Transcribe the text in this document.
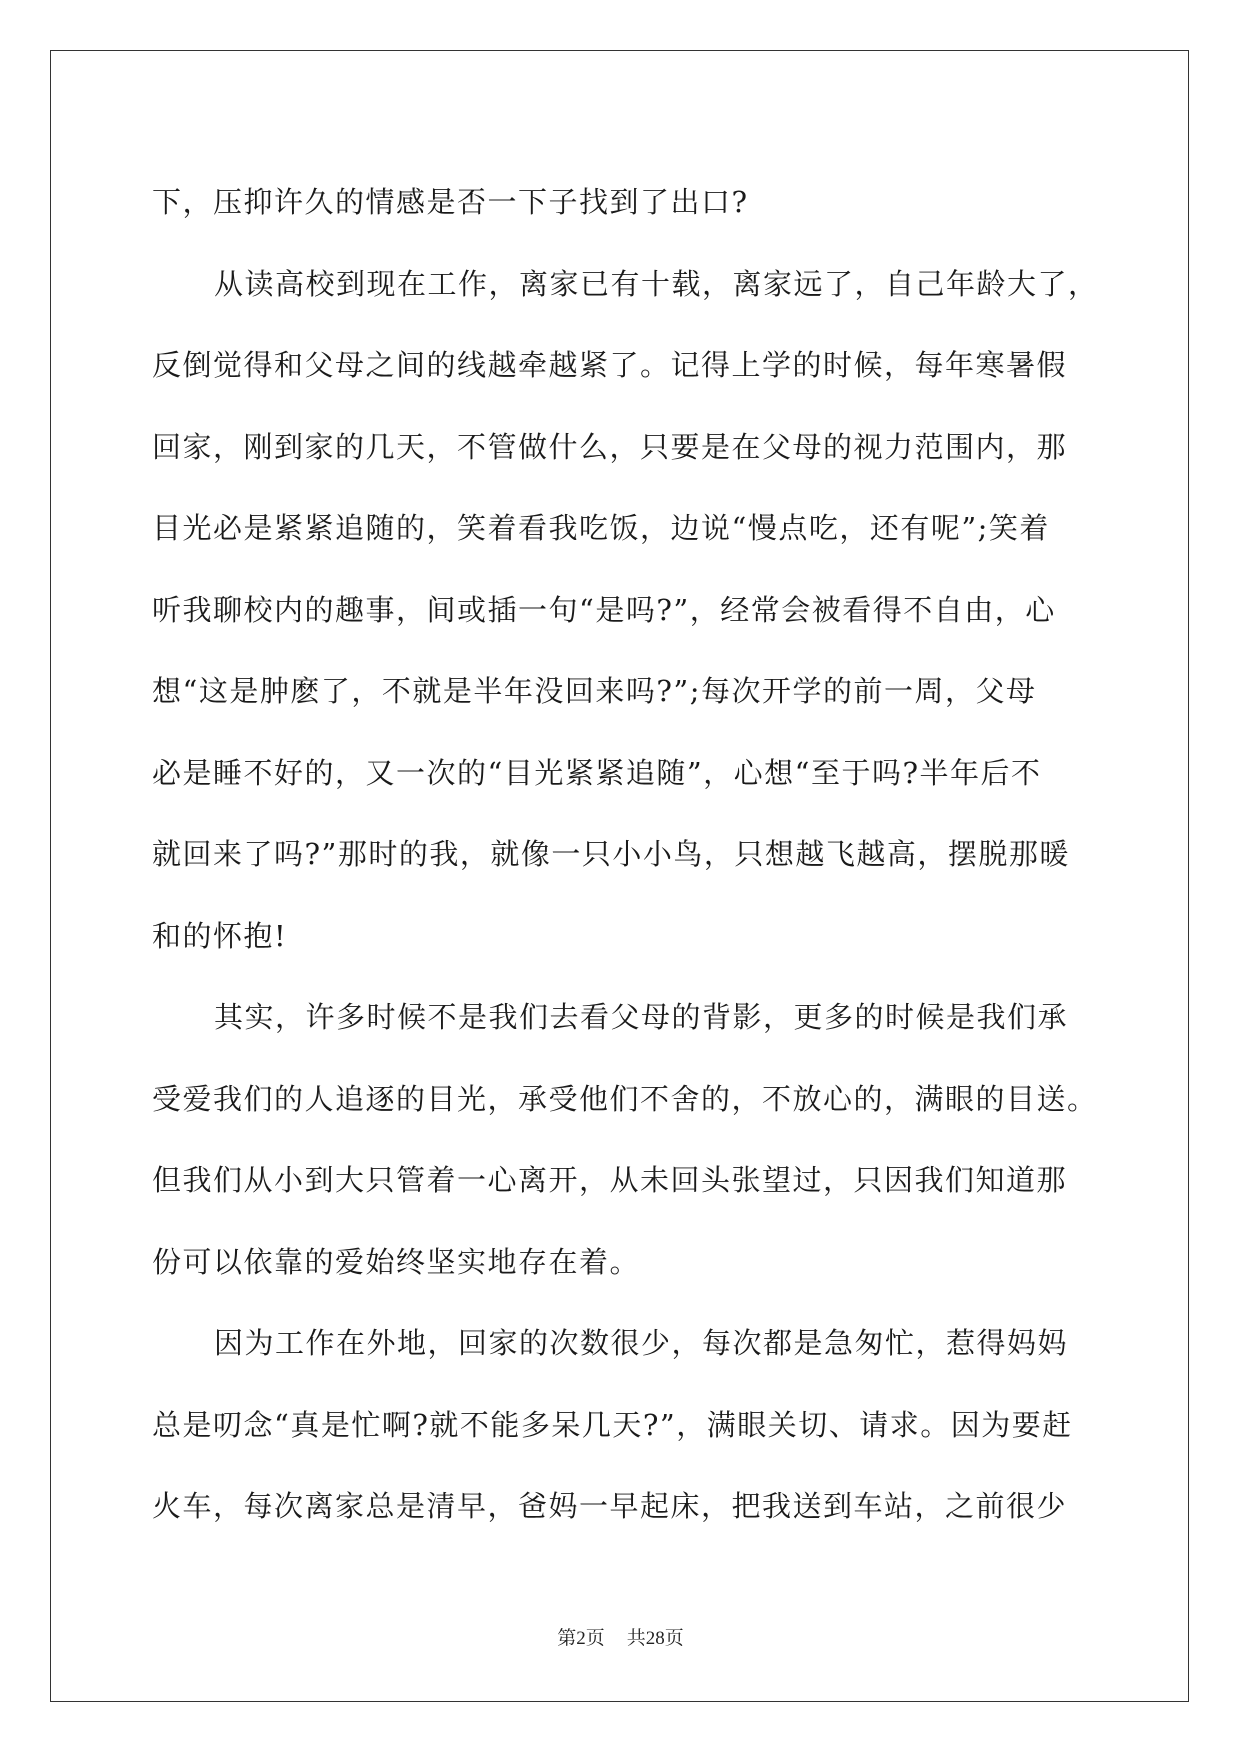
下，压抑许久的情感是否一下子找到了出口?
从读高校到现在工作，离家已有十载，离家远了，自己年龄大了，
反倒觉得和父母之间的线越牵越紧了。记得上学的时候，每年寒暑假
回家，刚到家的几天，不管做什么，只要是在父母的视力范围内，那
目光必是紧紧追随的，笑着看我吃饭，边说“慢点吃，还有呢”;笑着
听我聊校内的趣事，间或插一句“是吗?”，经常会被看得不自由，心
想“这是肿麽了，不就是半年没回来吗?”;每次开学的前一周，父母
必是睡不好的，又一次的“目光紧紧追随”，心想“至于吗?半年后不
就回来了吗?”那时的我，就像一只小小鸟，只想越飞越高，摆脱那暖
和的怀抱!
其实，许多时候不是我们去看父母的背影，更多的时候是我们承
受爱我们的人追逐的目光，承受他们不舍的，不放心的，满眼的目送。
但我们从小到大只管着一心离开，从未回头张望过，只因我们知道那
份可以依靠的爱始终坚实地存在着。
因为工作在外地，回家的次数很少，每次都是急匆忙，惹得妈妈
总是叨念“真是忙啊?就不能多呆几天?”，满眼关切、请求。因为要赶
火车，每次离家总是清早，爸妈一早起床，把我送到车站，之前很少
第2页 共28页
